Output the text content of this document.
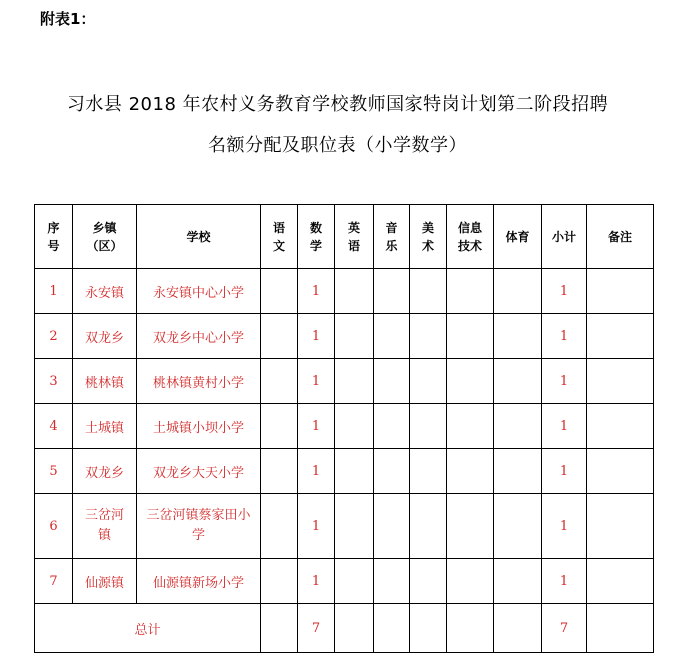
附表1：
习水县 2018 年农村义务教育学校教师国家特岗计划第二阶段招聘
名额分配及职位表（小学数学）
序号	乡镇（区）	学校	语文	数学	英语	音乐	美术	信息技术	体育	小计	备注
1	永安镇	永安镇中心小学		1						1	
2	双龙乡	双龙乡中心小学		1						1	
3	桃林镇	桃林镇黄村小学		1						1	
4	土城镇	土城镇小坝小学		1						1	
5	双龙乡	双龙乡大天小学		1						1	
6	三岔河镇	三岔河镇蔡家田小学		1						1	
7	仙源镇	仙源镇新场小学		1						1	
总计				7						7	
